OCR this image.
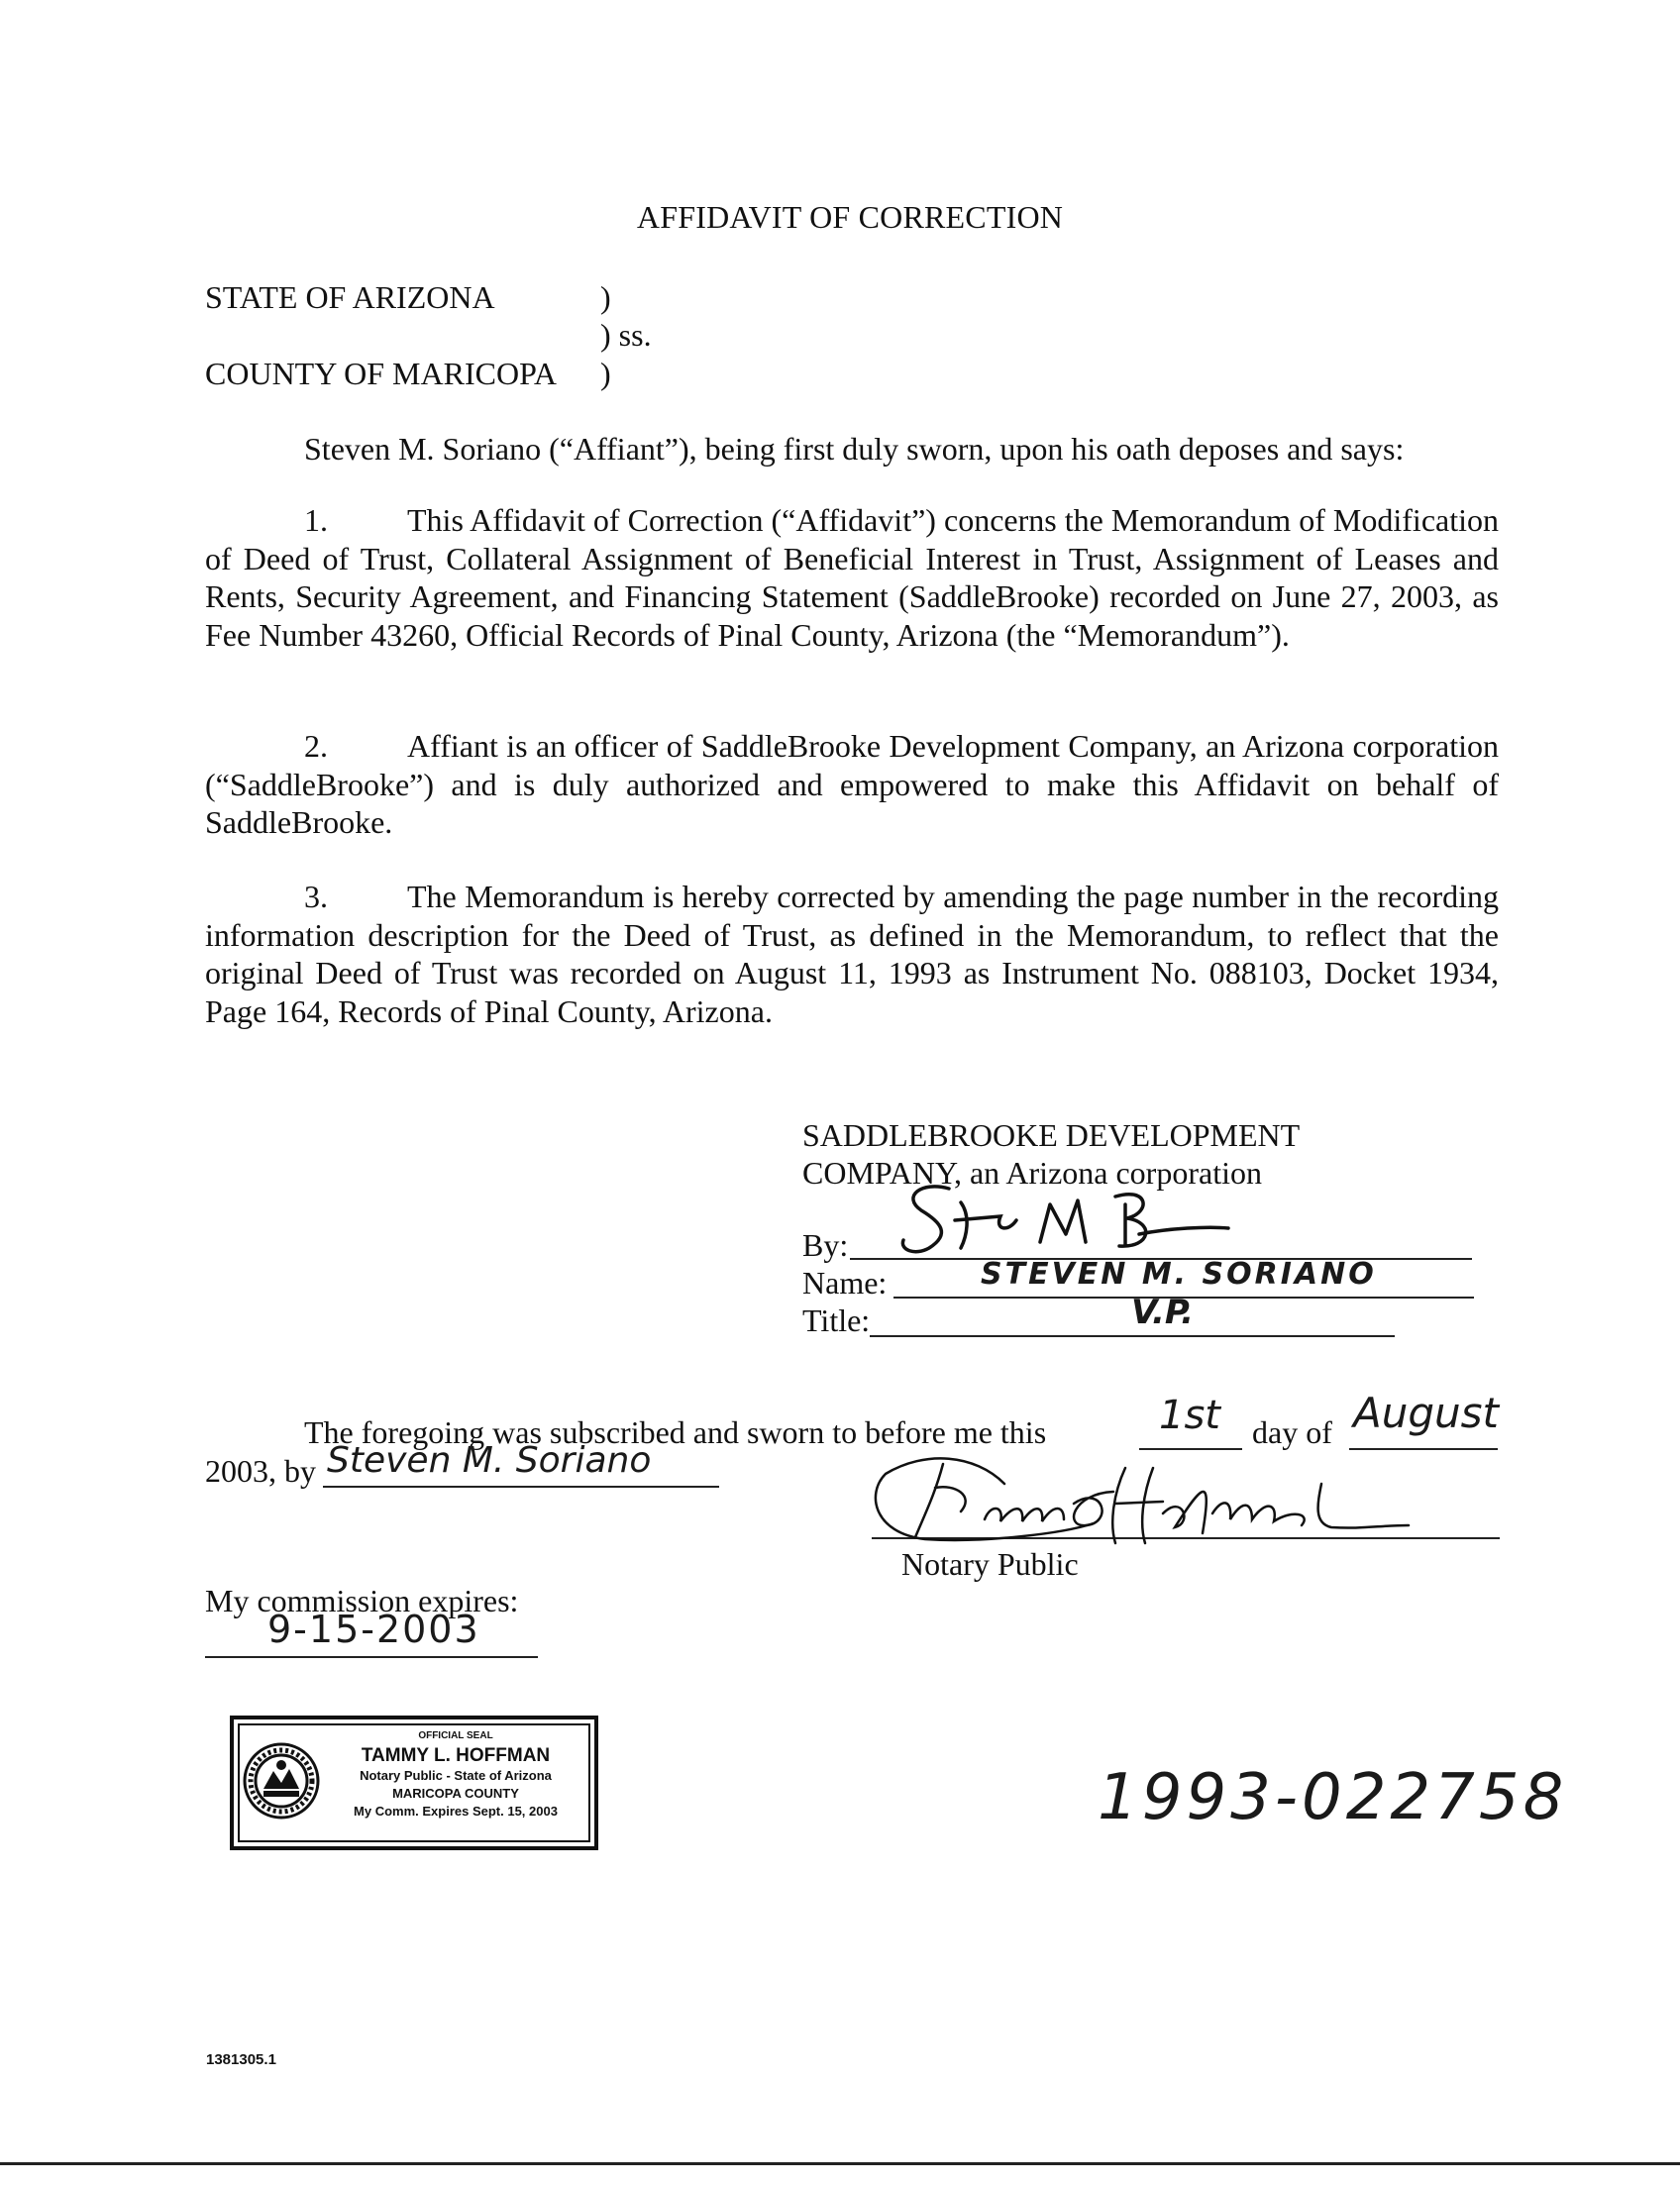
AFFIDAVIT OF CORRECTION
STATE OF ARIZONA	)
) ss.
COUNTY OF MARICOPA )
Steven M. Soriano (“Affiant”), being first duly sworn, upon his oath deposes and says:
1.	This Affidavit of Correction (“Affidavit”) concerns the Memorandum of Modification of Deed of Trust, Collateral Assignment of Beneficial Interest in Trust, Assignment of Leases and Rents, Security Agreement, and Financing Statement (SaddleBrooke) recorded on June 27, 2003, as Fee Number 43260, Official Records of Pinal County, Arizona (the “Memorandum”).
2.	Affiant is an officer of SaddleBrooke Development Company, an Arizona corporation (“SaddleBrooke”) and is duly authorized and empowered to make this Affidavit on behalf of SaddleBrooke.
3.	The Memorandum is hereby corrected by amending the page number in the recording information description for the Deed of Trust, as defined in the Memorandum, to reflect that the original Deed of Trust was recorded on August 11, 1993 as Instrument No. 088103, Docket 1934, Page 164, Records of Pinal County, Arizona.
SADDLEBROOKE DEVELOPMENT
COMPANY, an Arizona corporation
By:
Name:	STEVEN M. SORIANO
Title:	V.P.
The foregoing was subscribed and sworn to before me this	1st day of August
2003, by Steven M. Soriano
Notary Public
My commission expires:
9-15-2003
OFFICIAL SEAL
TAMMY L. HOFFMAN
Notary Public - State of Arizona
MARICOPA COUNTY
My Comm. Expires Sept. 15, 2003	1993-022758
1381305.1
